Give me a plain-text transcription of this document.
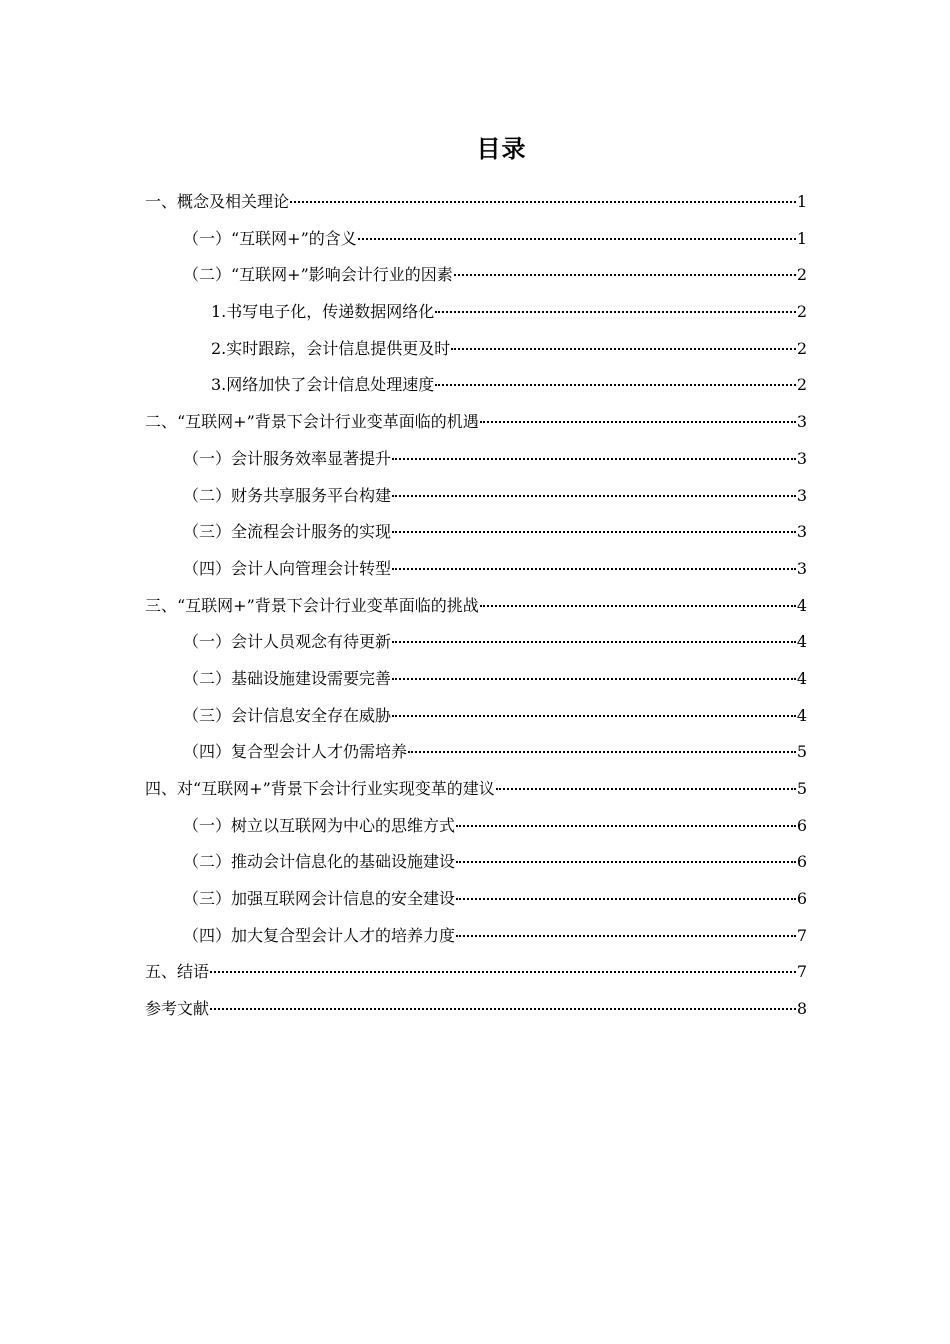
目录
一、概念及相关理论	1
（一）“互联网+”的含义	1
（二）“互联网+”影响会计行业的因素	2
1.书写电子化，传递数据网络化	2
2.实时跟踪，会计信息提供更及时	2
3.网络加快了会计信息处理速度	2
二、“互联网+”背景下会计行业变革面临的机遇	3
（一）会计服务效率显著提升	3
（二）财务共享服务平台构建	3
（三）全流程会计服务的实现	3
（四）会计人向管理会计转型	3
三、“互联网+”背景下会计行业变革面临的挑战	4
（一）会计人员观念有待更新	4
（二）基础设施建设需要完善	4
（三）会计信息安全存在威胁	4
（四）复合型会计人才仍需培养	5
四、对“互联网+”背景下会计行业实现变革的建议	5
（一）树立以互联网为中心的思维方式	6
（二）推动会计信息化的基础设施建设	6
（三）加强互联网会计信息的安全建设	6
（四）加大复合型会计人才的培养力度	7
五、结语	7
参考文献	8
